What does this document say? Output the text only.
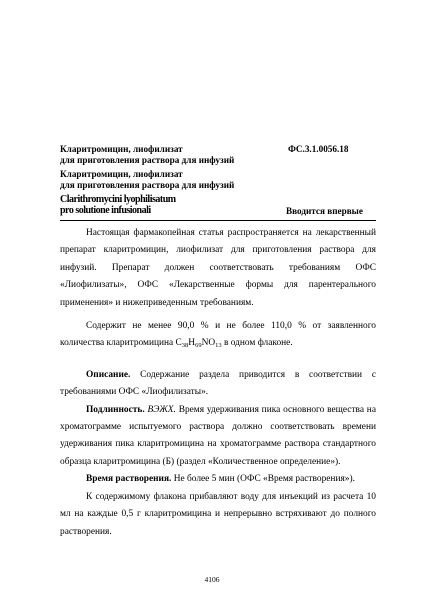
Кларитромицин, лиофилизат	ФС.3.1.0056.18
для приготовления раствора для инфузий
Кларитромицин, лиофилизат
для приготовления раствора для инфузий
Clarithromycini lyophilisatum
pro solutione infusionali	Вводится впервые

Настоящая фармакопейная статья распространяется на лекарственный препарат кларитромицин, лиофилизат для приготовления раствора для инфузий. Препарат должен соответствовать требованиям ОФС «Лиофилизаты», ОФС «Лекарственные формы для парентерального применения» и нижеприведенным требованиям.

Содержит не менее 90,0 % и не более 110,0 % от заявленного количества кларитромицина $C_{38}H_{69}NO_{13}$ в одном флаконе.

Описание. Содержание раздела приводится в соответствии с требованиями ОФС «Лиофилизаты».

Подлинность. ВЭЖХ. Время удерживания пика основного вещества на хроматограмме испытуемого раствора должно соответствовать времени удерживания пика кларитромицина на хроматограмме раствора стандартного образца кларитромицина (Б) (раздел «Количественное определение»).

Время растворения. Не более 5 мин (ОФС «Время растворения»).

К содержимому флакона прибавляют воду для инъекций из расчета 10 мл на каждые 0,5 г кларитромицина и непрерывно встряхивают до полного растворения.

4106
